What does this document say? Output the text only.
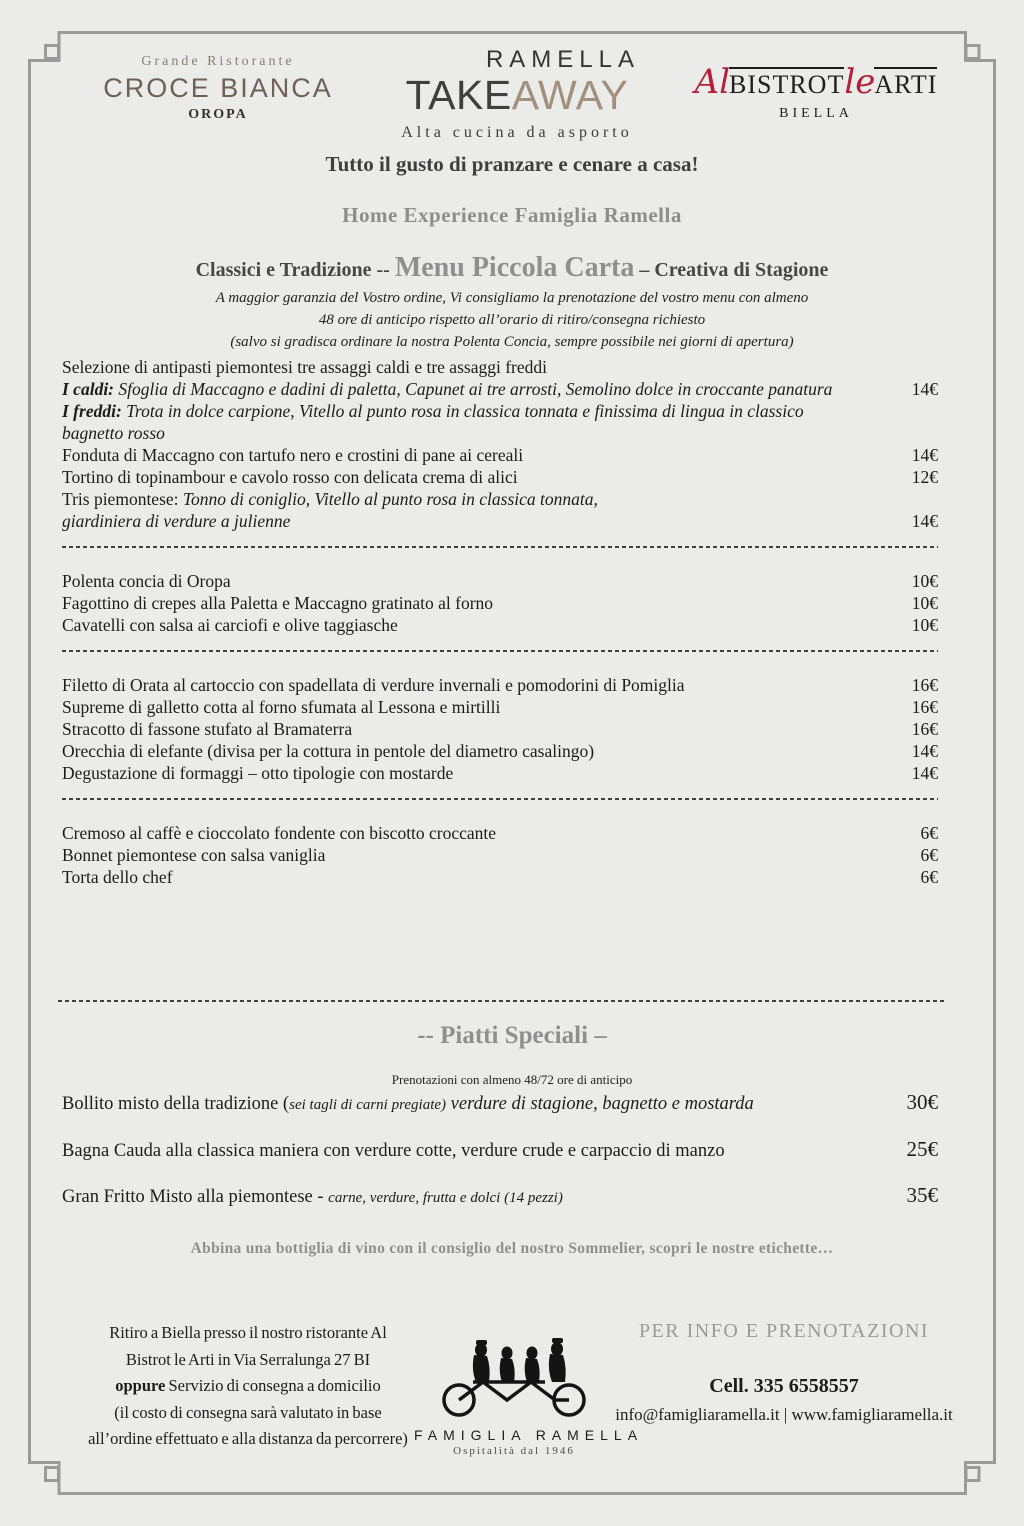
Grande Ristorante
CROCE BIANCA
OROPA
RAMELLA
TAKEAWAY
Alta cucina da asporto
AlBISTROTleARTI
BIELLA
Tutto il gusto di pranzare e cenare a casa!
Home Experience Famiglia Ramella
Classici e Tradizione -- Menu Piccola Carta – Creativa di Stagione
A maggior garanzia del Vostro ordine, Vi consigliamo la prenotazione del vostro menu con almeno
48 ore di anticipo rispetto all’orario di ritiro/consegna richiesto
(salvo si gradisca ordinare la nostra Polenta Concia, sempre possibile nei giorni di apertura)
Selezione di antipasti piemontesi tre assaggi caldi e tre assaggi freddi
I caldi: Sfoglia di Maccagno e dadini di paletta, Capunet ai tre arrosti, Semolino dolce in croccante panatura	14€
I freddi: Trota in dolce carpione, Vitello al punto rosa in classica tonnata e finissima di lingua in classico
bagnetto rosso
Fonduta di Maccagno con tartufo nero e crostini di pane ai cereali	14€
Tortino di topinambour e cavolo rosso con delicata crema di alici	12€
Tris piemontese: Tonno di coniglio, Vitello al punto rosa in classica tonnata,
giardiniera di verdure a julienne	14€
Polenta concia di Oropa	10€
Fagottino di crepes alla Paletta e Maccagno gratinato al forno	10€
Cavatelli con salsa ai carciofi e olive taggiasche	10€
Filetto di Orata al cartoccio con spadellata di verdure invernali e pomodorini di Pomiglia	16€
Supreme di galletto cotta al forno sfumata al Lessona e mirtilli	16€
Stracotto di fassone stufato al Bramaterra	16€
Orecchia di elefante (divisa per la cottura in pentole del diametro casalingo)	14€
Degustazione di formaggi – otto tipologie con mostarde	14€
Cremoso al caffè e cioccolato fondente con biscotto croccante	6€
Bonnet piemontese con salsa vaniglia	6€
Torta dello chef	6€
-- Piatti Speciali –
Prenotazioni con almeno 48/72 ore di anticipo
Bollito misto della tradizione (sei tagli di carni pregiate) verdure di stagione, bagnetto e mostarda	30€
Bagna Cauda alla classica maniera con verdure cotte, verdure crude e carpaccio di manzo	25€
Gran Fritto Misto alla piemontese - carne, verdure, frutta e dolci (14 pezzi)	35€
Abbina una bottiglia di vino con il consiglio del nostro Sommelier, scopri le nostre etichette…
Ritiro a Biella presso il nostro ristorante Al
Bistrot le Arti in Via Serralunga 27 BI
oppure Servizio di consegna a domicilio
(il costo di consegna sarà valutato in base
all’ordine effettuato e alla distanza da percorrere) FAMIGLIA RAMELLA
Ospitalità dal 1946
PER INFO E PRENOTAZIONI
Cell. 335 6558557
info@famigliaramella.it | www.famigliaramella.it
